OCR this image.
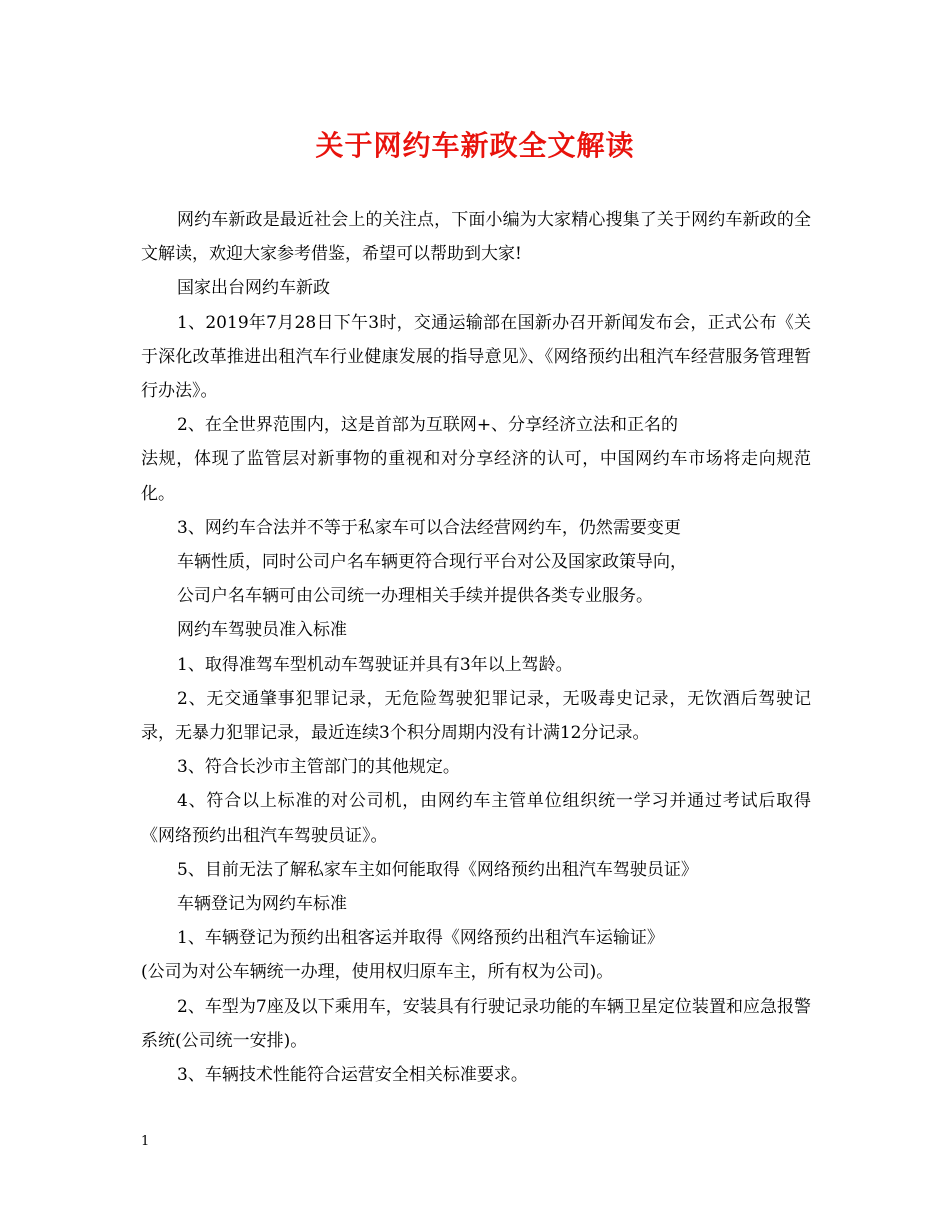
关于网约车新政全文解读

网约车新政是最近社会上的关注点，下面小编为大家精心搜集了关于网约车新政的全文解读，欢迎大家参考借鉴，希望可以帮助到大家!

国家出台网约车新政

1、2019年7月28日下午3时，交通运输部在国新办召开新闻发布会，正式公布《关于深化改革推进出租汽车行业健康发展的指导意见》、《网络预约出租汽车经营服务管理暂行办法》。

2、在全世界范围内，这是首部为互联网+、分享经济立法和正名的

法规，体现了监管层对新事物的重视和对分享经济的认可，中国网约车市场将走向规范化。

3、网约车合法并不等于私家车可以合法经营网约车，仍然需要变更

车辆性质，同时公司户名车辆更符合现行平台对公及国家政策导向，

公司户名车辆可由公司统一办理相关手续并提供各类专业服务。

网约车驾驶员准入标准

1、取得准驾车型机动车驾驶证并具有3年以上驾龄。

2、无交通肇事犯罪记录，无危险驾驶犯罪记录，无吸毒史记录，无饮酒后驾驶记录，无暴力犯罪记录，最近连续3个积分周期内没有计满12分记录。

3、符合长沙市主管部门的其他规定。

4、符合以上标准的对公司机，由网约车主管单位组织统一学习并通过考试后取得《网络预约出租汽车驾驶员证》。

5、目前无法了解私家车主如何能取得《网络预约出租汽车驾驶员证》

车辆登记为网约车标准

1、车辆登记为预约出租客运并取得《网络预约出租汽车运输证》

(公司为对公车辆统一办理，使用权归原车主，所有权为公司)。

2、车型为7座及以下乘用车，安装具有行驶记录功能的车辆卫星定位装置和应急报警系统(公司统一安排)。

3、车辆技术性能符合运营安全相关标准要求。

1
